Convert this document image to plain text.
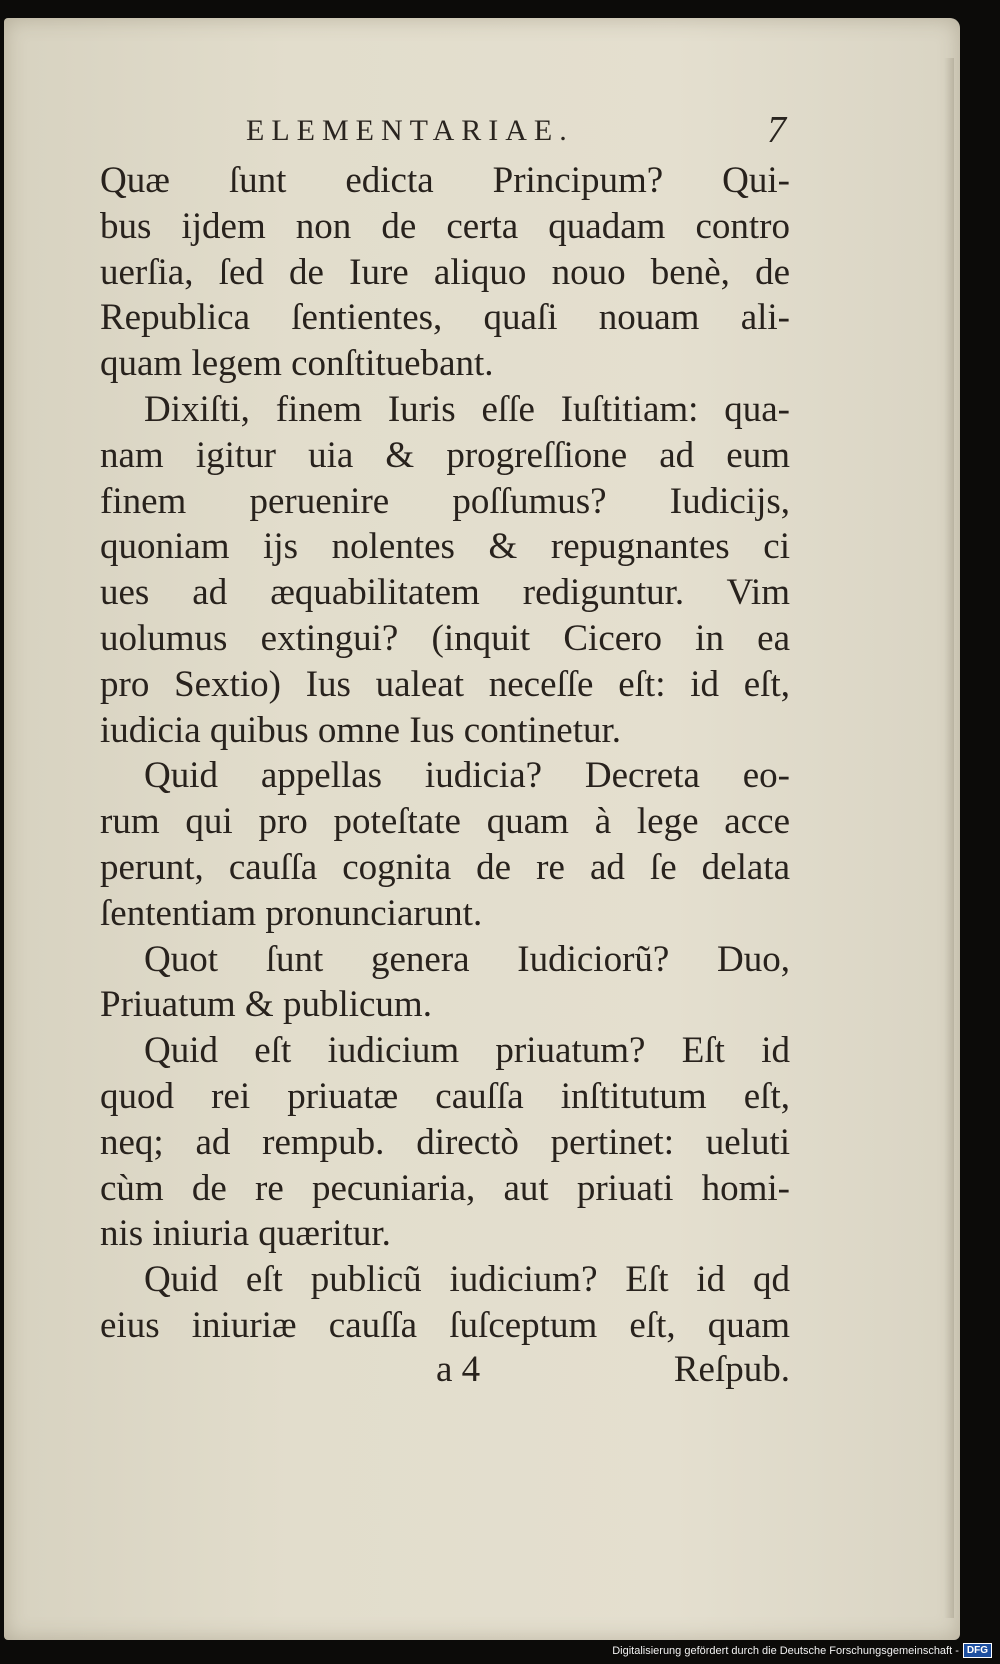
ELEMENTARIAE.	7
Quæ ſunt edicta Principum? Qui-
bus ijdem non de certa quadam contro
uerſia, ſed de Iure aliquo nouo benè, de
Republica ſentientes, quaſi nouam ali-
quam legem conſtituebant.
Dixiſti, finem Iuris eſſe Iuſtitiam: qua-
nam igitur uia & progreſſione ad eum
finem peruenire poſſumus? Iudicijs,
quoniam ijs nolentes & repugnantes ci
ues ad æquabilitatem rediguntur. Vim
uolumus extingui? (inquit Cicero in ea
pro Sextio) Ius ualeat neceſſe eſt: id eſt,
iudicia quibus omne Ius continetur.
Quid appellas iudicia? Decreta eo-
rum qui pro poteſtate quam à lege acce
perunt, cauſſa cognita de re ad ſe delata
ſententiam pronunciarunt.
Quot ſunt genera Iudiciorũ? Duo,
Priuatum & publicum.
Quid eſt iudicium priuatum? Eſt id
quod rei priuatæ cauſſa inſtitutum eſt,
neq; ad rempub. directò pertinet: ueluti
cùm de re pecuniaria, aut priuati homi-
nis iniuria quæritur.
Quid eſt publicũ iudicium? Eſt id qd
eius iniuriæ cauſſa ſuſceptum eſt, quam
a 4	Reſpub.
Digitalisierung gefördert durch die Deutsche Forschungsgemeinschaft - DFG
